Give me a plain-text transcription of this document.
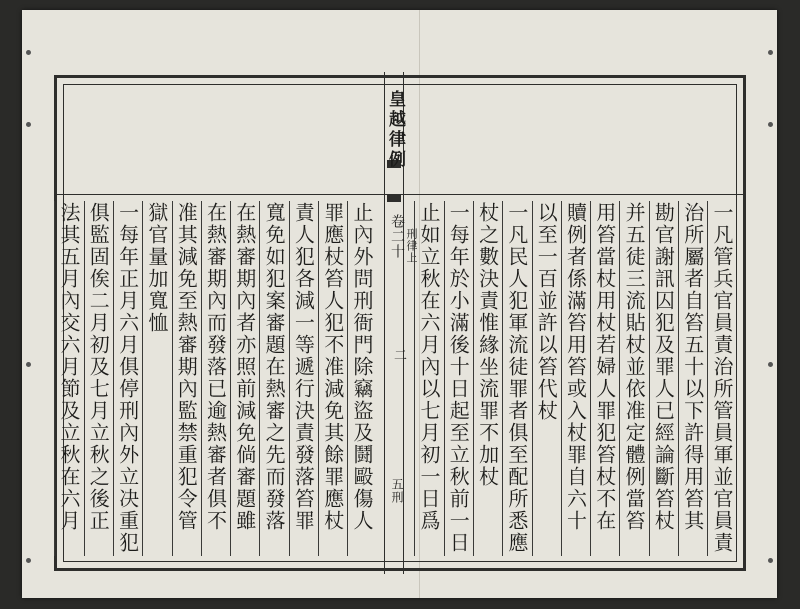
皇越律例
卷二十 刑律上
二
五刑	一凡管兵官員責治所管員軍並官員責
治所屬者自笞五十以下許得用笞其
勘官謝訊囚犯及罪人已經論斷笞杖
并五徒三流貼杖並依准定體例當笞
用笞當杖用杖若婦人罪犯笞杖不在
贖例者係滿笞用笞或入杖罪自六十
以至一百並許以笞代杖
一凡民人犯軍流徒罪者俱至配所悉應
杖之數決責惟緣坐流罪不加杖
一每年於小滿後十日起至立秋前一日
止如立秋在六月內以七月初一日爲
止內外問刑衙門除竊盜及鬪毆傷人
罪應杖笞人犯不准減免其餘罪應杖
責人犯各減一等遞行決責發落笞罪
寬免如犯案審題在熱審之先而發落
在熱審期內者亦照前減免倘審題雖
在熱審期內而發落已逾熱審者俱不
准其減免至熱審期內監禁重犯令管
獄官量加寬恤
一每年正月六月俱停刑內外立决重犯
俱監固俟二月初及七月立秋之後正
法其五月內交六月節及立秋在六月
